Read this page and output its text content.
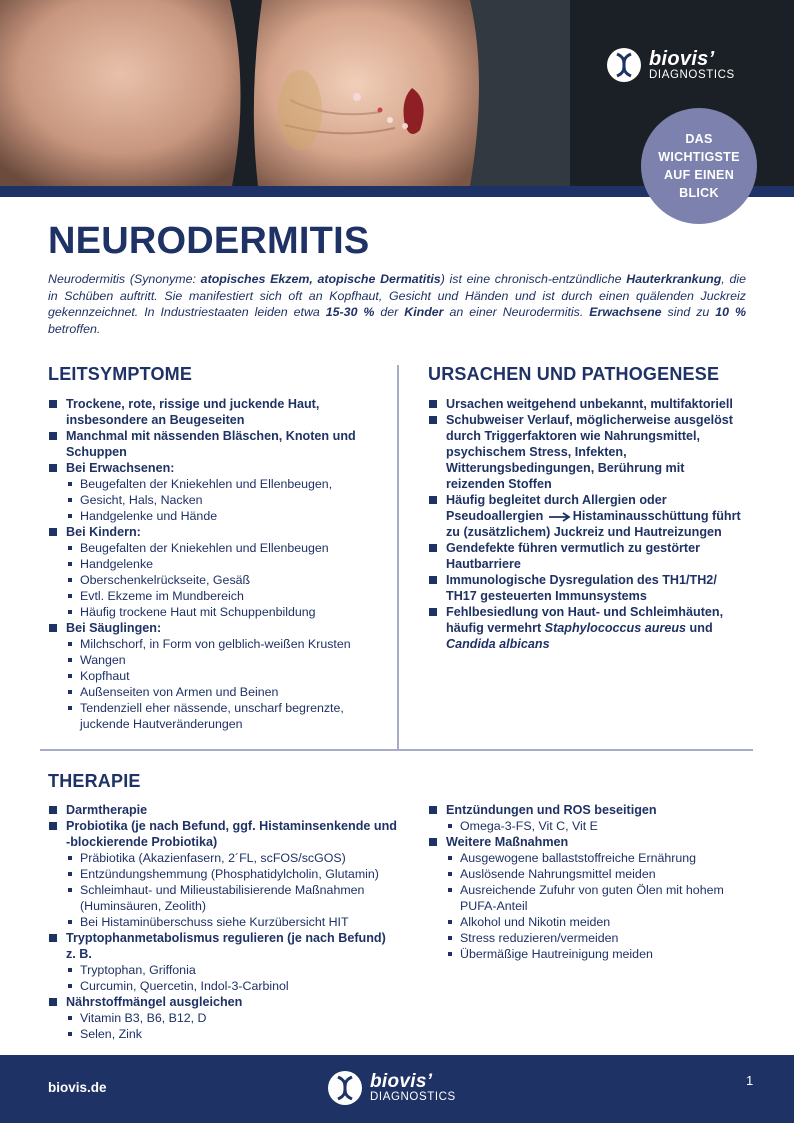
biovis’
DIAGNOSTICS
DAS
WICHTIGSTE
AUF EINEN
BLICK
NEURODERMITIS

Neurodermitis (Synonyme: atopisches Ekzem, atopische Dermatitis) ist eine chronisch-entzündliche Hauterkrankung, die in Schüben auftritt. Sie manifestiert sich oft an Kopfhaut, Gesicht und Händen und ist durch einen quälenden Juckreiz gekennzeichnet. In Industriestaaten leiden etwa 15-30 % der Kinder an einer Neurodermitis. Erwachsene sind zu 10 % betroffen.

LEITSYMPTOME
Trockene, rote, rissige und juckende Haut, insbesondere an Beugeseiten
Manchmal mit nässenden Bläschen, Knoten und Schuppen
Bei Erwachsenen:
Beugefalten der Kniekehlen und Ellenbeugen,
Gesicht, Hals, Nacken
Handgelenke und Hände
Bei Kindern:
Beugefalten der Kniekehlen und Ellenbeugen
Handgelenke
Oberschenkelrückseite, Gesäß
Evtl. Ekzeme im Mundbereich
Häufig trockene Haut mit Schuppenbildung
Bei Säuglingen:
Milchschorf, in Form von gelblich-weißen Krusten
Wangen
Kopfhaut
Außenseiten von Armen und Beinen
Tendenziell eher nässende, unscharf begrenzte, juckende Hautveränderungen
URSACHEN UND PATHOGENESE
Ursachen weitgehend unbekannt, multifaktoriell
Schubweiser Verlauf, möglicherweise ausgelöst durch Triggerfaktoren wie Nahrungsmittel, psychischem Stress, Infekten, Witterungsbedingungen, Berührung mit reizenden Stoffen
Häufig begleitet durch Allergien oder Pseudoallergien Histaminausschüttung führt zu (zusätzlichem) Juckreiz und Hautreizungen
Gendefekte führen vermutlich zu gestörter Hautbarriere
Immunologische Dysregulation des TH1/TH2/ TH17 gesteuerten Immunsystems
Fehlbesiedlung von Haut- und Schleimhäuten, häufig vermehrt Staphylococcus aureus und Candida albicans
THERAPIE
Darmtherapie
Probiotika (je nach Befund, ggf. Histaminsenkende und -blockierende Probiotika)
Präbiotika (Akazienfasern, 2´FL, scFOS/scGOS)
Entzündungshemmung (Phosphatidylcholin, Glutamin)
Schleimhaut- und Milieustabilisierende Maßnahmen (Huminsäuren, Zeolith)
Bei Histaminüberschuss siehe Kurzübersicht HIT
Tryptophanmetabolismus regulieren (je nach Befund) z. B.
Tryptophan, Griffonia
Curcumin, Quercetin, Indol-3-Carbinol
Nährstoffmängel ausgleichen
Vitamin B3, B6, B12, D
Selen, Zink
Entzündungen und ROS beseitigen
Omega-3-FS, Vit C, Vit E
Weitere Maßnahmen
Ausgewogene ballaststoffreiche Ernährung
Auslösende Nahrungsmittel meiden
Ausreichende Zufuhr von guten Ölen mit hohem PUFA-Anteil
Alkohol und Nikotin meiden
Stress reduzieren/vermeiden
Übermäßige Hautreinigung meiden
biovis.de	biovis’
DIAGNOSTICS
1
